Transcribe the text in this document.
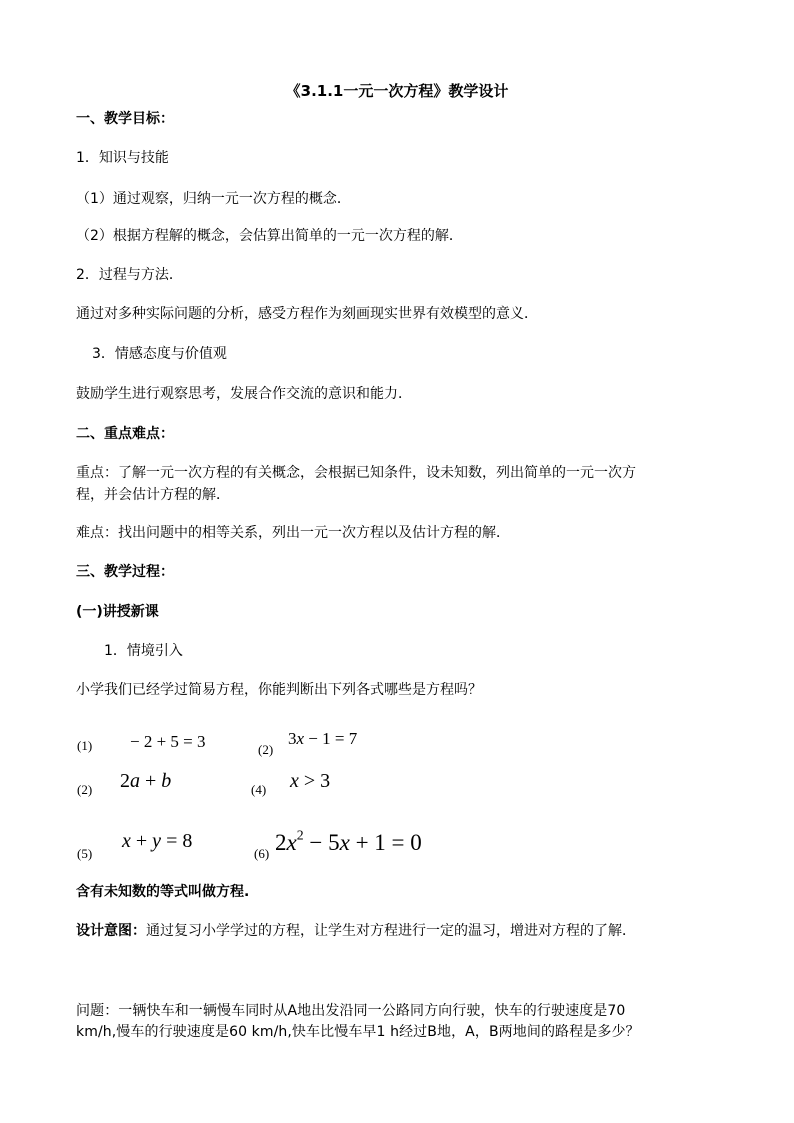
《3.1.1一元一次方程》教学设计
一、教学目标：
1．知识与技能
（1）通过观察，归纳一元一次方程的概念．
（2）根据方程解的概念，会估算出简单的一元一次方程的解．
2．过程与方法．
通过对多种实际问题的分析，感受方程作为刻画现实世界有效模型的意义．
3．情感态度与价值观
鼓励学生进行观察思考，发展合作交流的意识和能力．
二、重点难点：
重点：了解一元一次方程的有关概念，会根据已知条件，设未知数，列出简单的一元一次方
程，并会估计方程的解．
难点：找出问题中的相等关系，列出一元一次方程以及估计方程的解．
三、教学过程：
(一)讲授新课
1．情境引入
小学我们已经学过简易方程，你能判断出下列各式哪些是方程吗？
(1) − 2 + 5 = 3	(2)
3x − 1 = 7
(2) 2a + b	(4) x > 3
(5)
x + y = 8
(6) $2x^2 - 5x + 1 = 0$
含有未知数的等式叫做方程.
设计意图：通过复习小学学过的方程，让学生对方程进行一定的温习，增进对方程的了解．
问题：一辆快车和一辆慢车同时从A地出发沿同一公路同方向行驶，快车的行驶速度是70
km/h,慢车的行驶速度是60 km/h,快车比慢车早1 h经过B地，A，B两地间的路程是多少？
